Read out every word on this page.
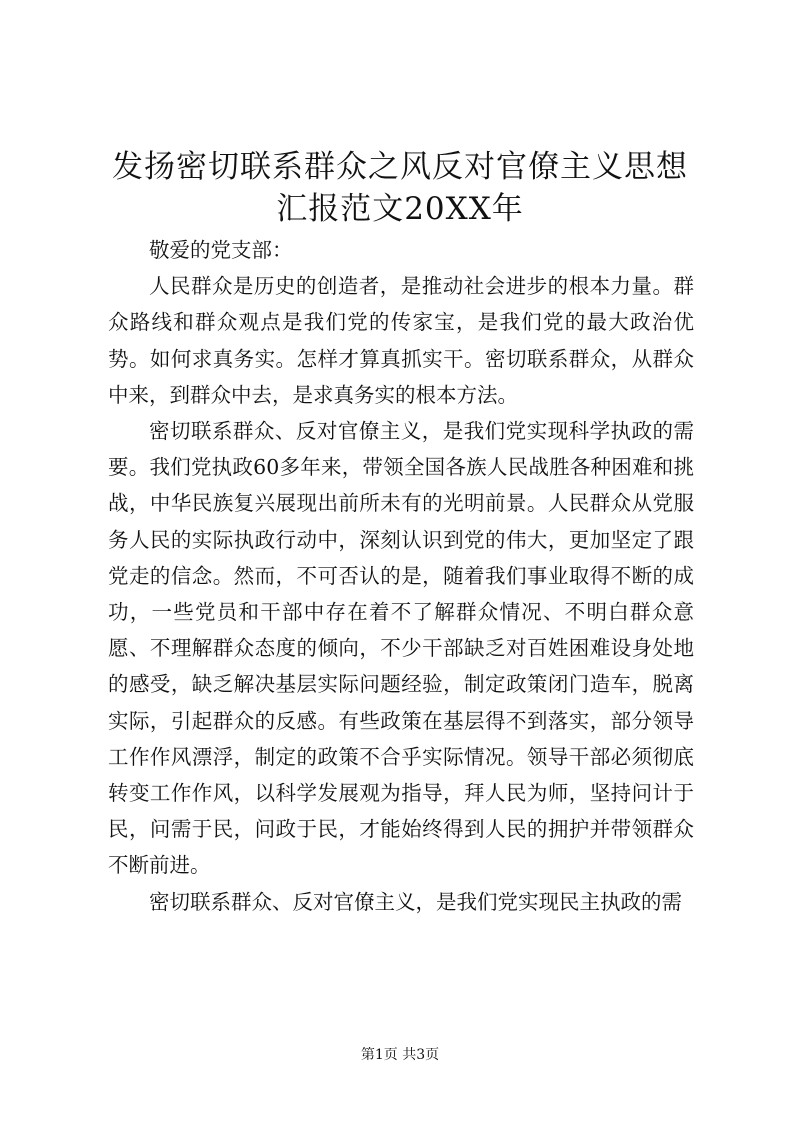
发扬密切联系群众之风反对官僚主义思想汇报范文20XX年

敬爱的党支部：

人民群众是历史的创造者，是推动社会进步的根本力量。群众路线和群众观点是我们党的传家宝，是我们党的最大政治优势。如何求真务实。怎样才算真抓实干。密切联系群众，从群众中来，到群众中去，是求真务实的根本方法。

密切联系群众、反对官僚主义，是我们党实现科学执政的需要。我们党执政60多年来，带领全国各族人民战胜各种困难和挑战，中华民族复兴展现出前所未有的光明前景。人民群众从党服务人民的实际执政行动中，深刻认识到党的伟大，更加坚定了跟党走的信念。然而，不可否认的是，随着我们事业取得不断的成功，一些党员和干部中存在着不了解群众情况、不明白群众意愿、不理解群众态度的倾向，不少干部缺乏对百姓困难设身处地的感受，缺乏解决基层实际问题经验，制定政策闭门造车，脱离实际，引起群众的反感。有些政策在基层得不到落实，部分领导工作作风漂浮，制定的政策不合乎实际情况。领导干部必须彻底转变工作作风，以科学发展观为指导，拜人民为师，坚持问计于民，问需于民，问政于民，才能始终得到人民的拥护并带领群众不断前进。

密切联系群众、反对官僚主义，是我们党实现民主执政的需

第1页 共3页
